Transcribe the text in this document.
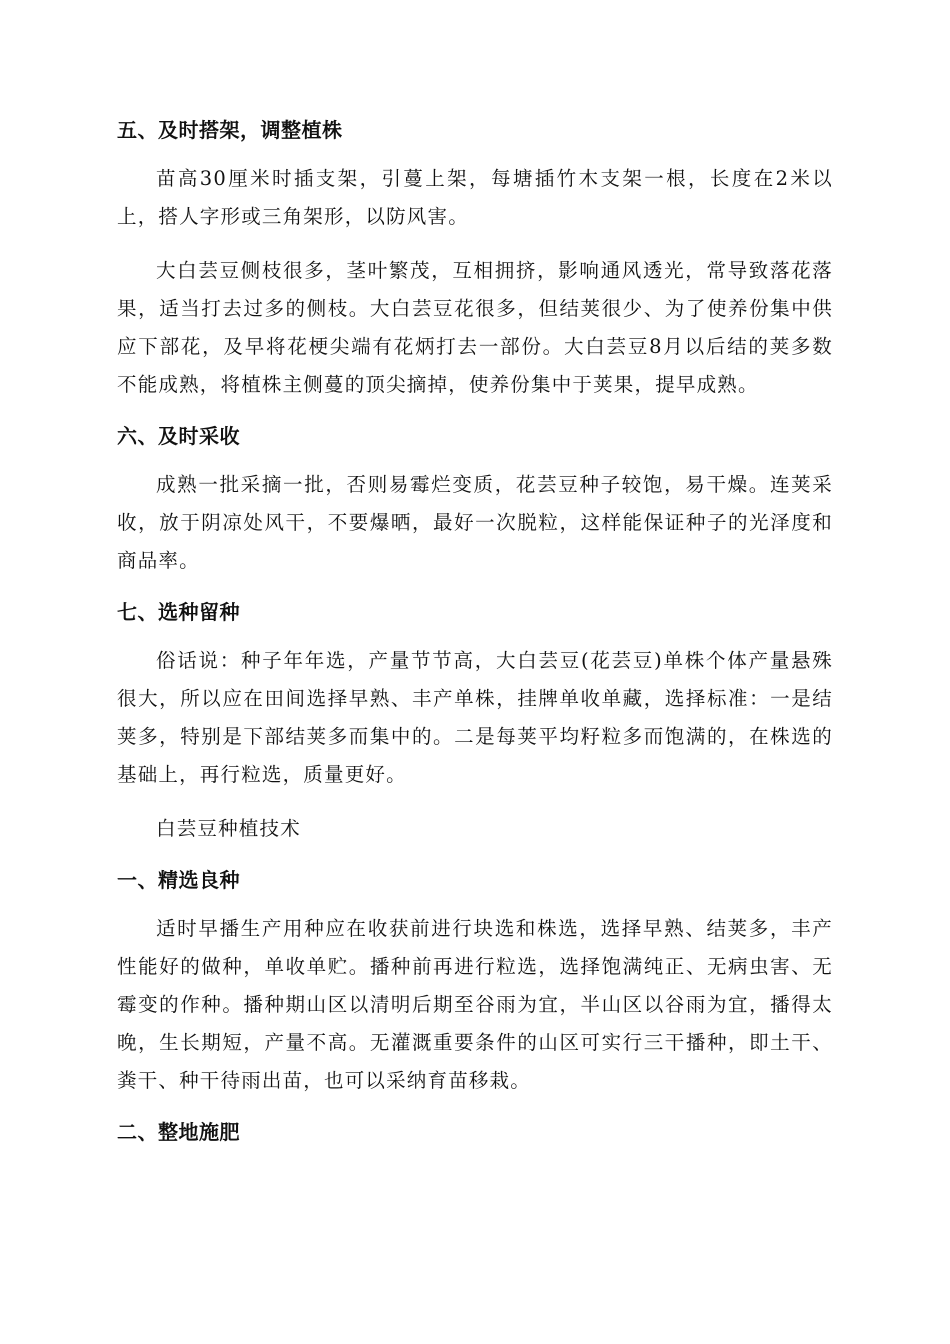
五、及时搭架，调整植株

苗高30厘米时插支架，引蔓上架，每塘插竹木支架一根，长度在2米以上，搭人字形或三角架形，以防风害。

大白芸豆侧枝很多，茎叶繁茂，互相拥挤，影响通风透光，常导致落花落果，适当打去过多的侧枝。大白芸豆花很多，但结荚很少、为了使养份集中供应下部花，及早将花梗尖端有花炳打去一部份。大白芸豆8月以后结的荚多数不能成熟，将植株主侧蔓的顶尖摘掉，使养份集中于荚果，提早成熟。

六、及时采收

成熟一批采摘一批，否则易霉烂变质，花芸豆种子较饱，易干燥。连荚采收，放于阴凉处风干，不要爆晒，最好一次脱粒，这样能保证种子的光泽度和商品率。

七、选种留种

俗话说：种子年年选，产量节节高，大白芸豆(花芸豆)单株个体产量悬殊很大，所以应在田间选择早熟、丰产单株，挂牌单收单藏，选择标准：一是结荚多，特别是下部结荚多而集中的。二是每荚平均籽粒多而饱满的，在株选的基础上，再行粒选，质量更好。

白芸豆种植技术

一、精选良种

适时早播生产用种应在收获前进行块选和株选，选择早熟、结荚多，丰产性能好的做种，单收单贮。播种前再进行粒选，选择饱满纯正、无病虫害、无霉变的作种。播种期山区以清明后期至谷雨为宜，半山区以谷雨为宜，播得太晚，生长期短，产量不高。无灌溉重要条件的山区可实行三干播种，即土干、粪干、种干待雨出苗，也可以采纳育苗移栽。

二、整地施肥
